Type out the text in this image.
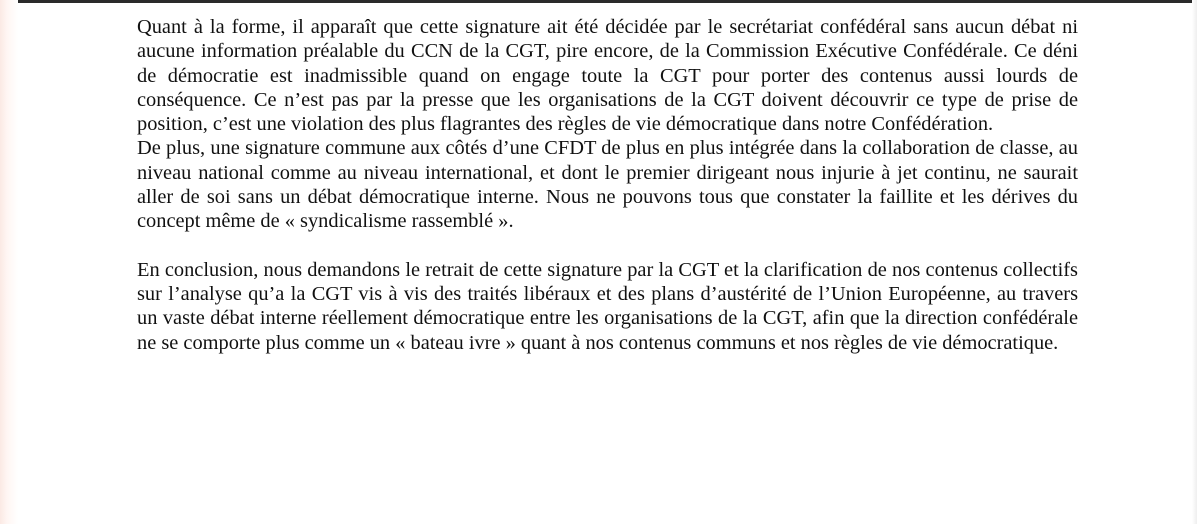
Quant à la forme, il apparaît que cette signature ait été décidée par le secrétariat confédéral sans aucun débat ni aucune information préalable du CCN de la CGT, pire encore, de la Commission Exécutive Confédérale. Ce déni de démocratie est inadmissible quand on engage toute la CGT pour porter des contenus aussi lourds de conséquence. Ce n’est pas par la presse que les organisations de la CGT doivent découvrir ce type de prise de position, c’est une violation des plus flagrantes des règles de vie démocratique dans notre Confédération.

De plus, une signature commune aux côtés d’une CFDT de plus en plus intégrée dans la collaboration de classe, au niveau national comme au niveau international, et dont le premier dirigeant nous injurie à jet continu, ne saurait aller de soi sans un débat démocratique interne. Nous ne pouvons tous que constater la faillite et les dérives du concept même de « syndicalisme rassemblé ».

En conclusion, nous demandons le retrait de cette signature par la CGT et la clarification de nos contenus collectifs sur l’analyse qu’a la CGT vis à vis des traités libéraux et des plans d’austérité de l’Union Européenne, au travers un vaste débat interne réellement démocratique entre les organisations de la CGT, afin que la direction confédérale ne se comporte plus comme un « bateau ivre » quant à nos contenus communs et nos règles de vie démocratique.
